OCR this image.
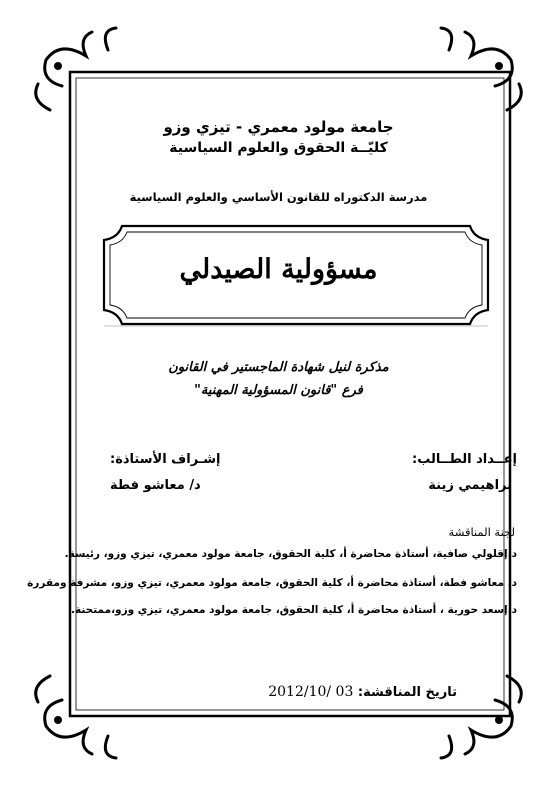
جامعة مولود معمري - تيزي وزو
كليّــة الحقوق والعلوم السياسية
مدرسة الدكتوراه للقانون الأساسي والعلوم السياسية
مسؤولية الصيدلي
مذكرة لنيل شهادة الماجستير في القانون
فرع "قانون المسؤولية المهنية"
إعــداد الطــالب:
براهيمي زينة
إشـراف الأستاذة:
د/ معاشو فطة
لجنة المناقشة
د.إقلولي صافية، أستاذة محاضرة أ، كلية الحقوق، جامعة مولود معمري، تيزي وزو، رئيسة.
د. معاشو فطة، أستاذة محاضرة أ، كلية الحقوق، جامعة مولود معمري، تيزي وزو، مشرفة ومقررة
د.إسعد حورية ، أستاذة محاضرة أ، كلية الحقوق، جامعة مولود معمري، تيزي وزو،ممتحنة.
تاريخ المناقشة: 2012/10/ 03
